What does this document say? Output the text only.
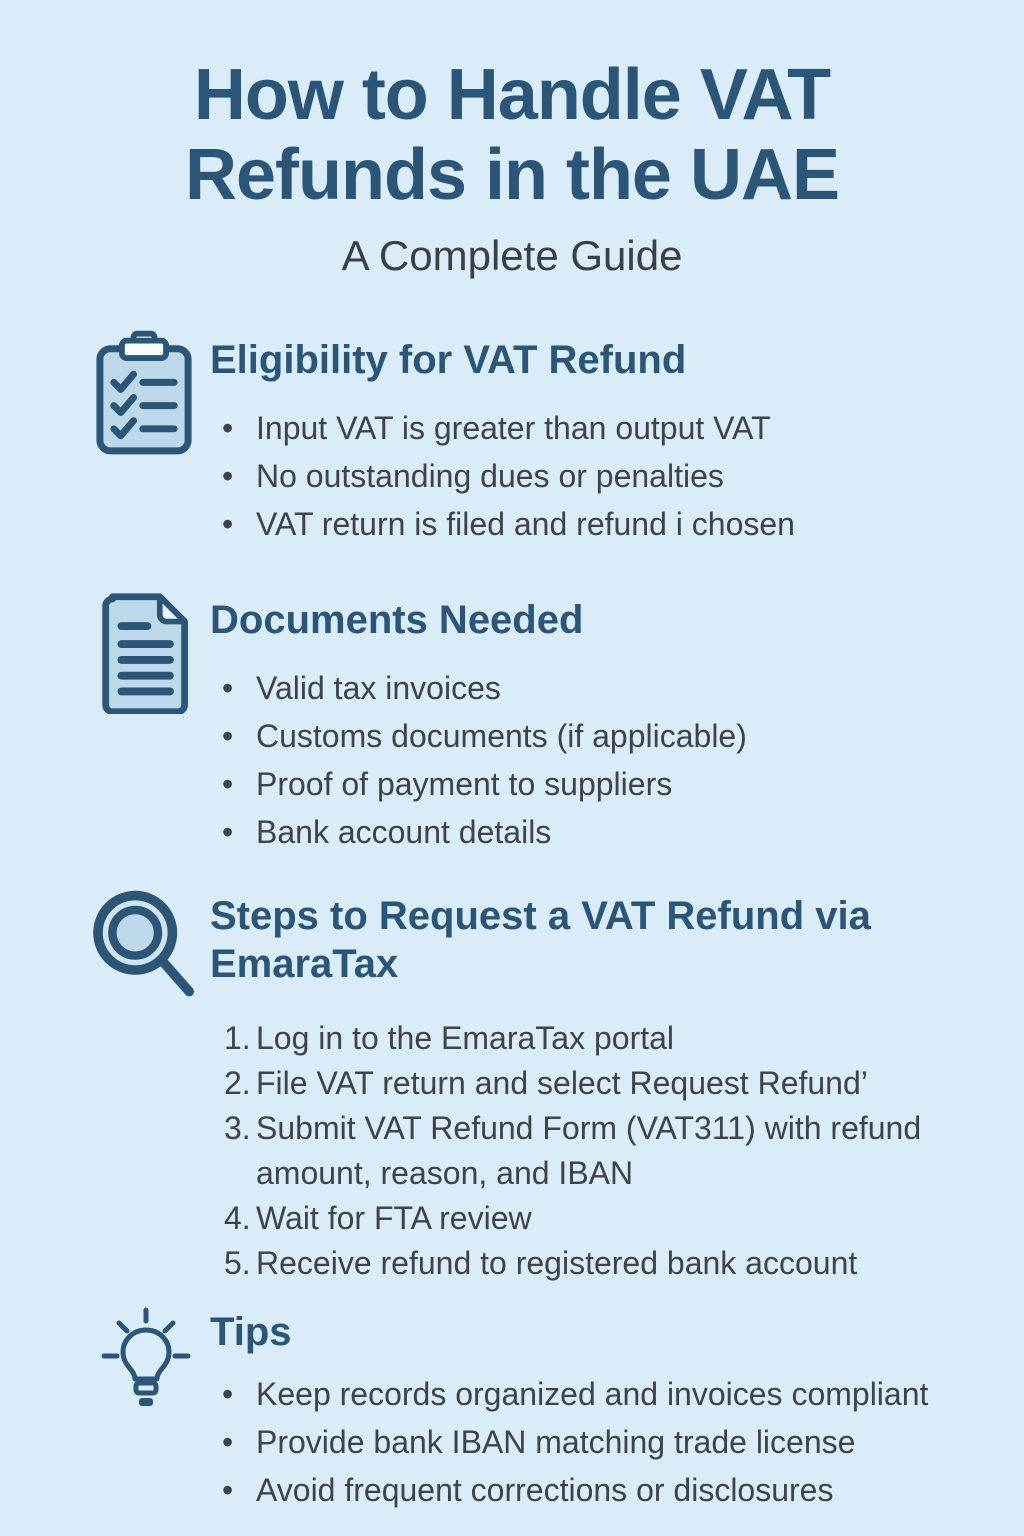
How to Handle VAT
Refunds in the UAE

A Complete Guide

Eligibility for VAT Refund
• Input VAT is greater than output VAT
• No outstanding dues or penalties
• VAT return is filed and refund i chosen
Documents Needed
• Valid tax invoices
• Customs documents (if applicable)
• Proof of payment to suppliers
• Bank account details
Steps to Request a VAT Refund via EmaraTax
Log in to the EmaraTax portal
File VAT return and select Request Refund’
Submit VAT Refund Form (VAT311) with refund amount, reason, and IBAN
Wait for FTA review
Receive refund to registered bank account
Tips
• Keep records organized and invoices compliant
• Provide bank IBAN matching trade license
• Avoid frequent corrections or disclosures
